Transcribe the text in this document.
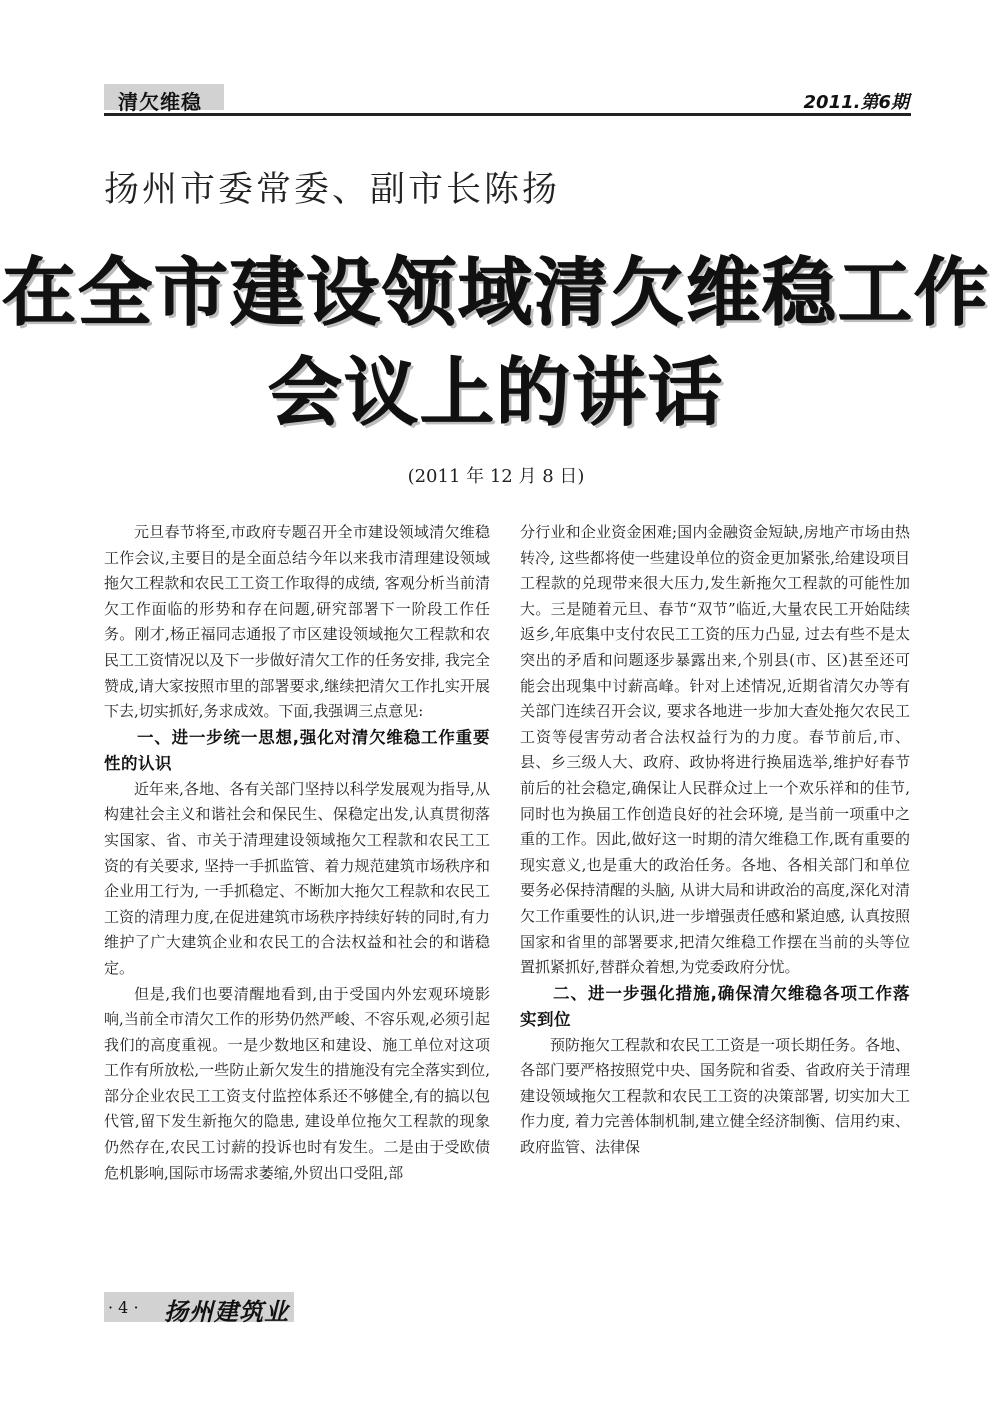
清欠维稳	2011.第6期
扬州市委常委、副市长陈扬
在全市建设领域清欠维稳工作
会议上的讲话
(2011 年 12 月 8 日)

元旦春节将至,市政府专题召开全市建设领域清欠维稳工作会议,主要目的是全面总结今年以来我市清理建设领域拖欠工程款和农民工工资工作取得的成绩, 客观分析当前清欠工作面临的形势和存在问题,研究部署下一阶段工作任务。刚才,杨正福同志通报了市区建设领域拖欠工程款和农民工工资情况以及下一步做好清欠工作的任务安排, 我完全赞成,请大家按照市里的部署要求,继续把清欠工作扎实开展下去,切实抓好,务求成效。下面,我强调三点意见:

一、进一步统一思想,强化对清欠维稳工作重要性的认识

近年来,各地、各有关部门坚持以科学发展观为指导,从构建社会主义和谐社会和保民生、保稳定出发,认真贯彻落实国家、省、市关于清理建设领域拖欠工程款和农民工工资的有关要求, 坚持一手抓监管、着力规范建筑市场秩序和企业用工行为, 一手抓稳定、不断加大拖欠工程款和农民工工资的清理力度,在促进建筑市场秩序持续好转的同时,有力维护了广大建筑企业和农民工的合法权益和社会的和谐稳定。

但是,我们也要清醒地看到,由于受国内外宏观环境影响,当前全市清欠工作的形势仍然严峻、不容乐观,必须引起我们的高度重视。一是少数地区和建设、施工单位对这项工作有所放松,一些防止新欠发生的措施没有完全落实到位, 部分企业农民工工资支付监控体系还不够健全,有的搞以包代管,留下发生新拖欠的隐患, 建设单位拖欠工程款的现象仍然存在,农民工讨薪的投诉也时有发生。二是由于受欧债危机影响,国际市场需求萎缩,外贸出口受阻,部

分行业和企业资金困难;国内金融资金短缺,房地产市场由热转冷, 这些都将使一些建设单位的资金更加紧张,给建设项目工程款的兑现带来很大压力,发生新拖欠工程款的可能性加大。三是随着元旦、春节“双节”临近,大量农民工开始陆续返乡,年底集中支付农民工工资的压力凸显, 过去有些不是太突出的矛盾和问题逐步暴露出来,个别县(市、区)甚至还可能会出现集中讨薪高峰。针对上述情况,近期省清欠办等有关部门连续召开会议, 要求各地进一步加大查处拖欠农民工工资等侵害劳动者合法权益行为的力度。春节前后,市、县、乡三级人大、政府、政协将进行换届选举,维护好春节前后的社会稳定,确保让人民群众过上一个欢乐祥和的佳节, 同时也为换届工作创造良好的社会环境, 是当前一项重中之重的工作。因此,做好这一时期的清欠维稳工作,既有重要的现实意义,也是重大的政治任务。各地、各相关部门和单位要务必保持清醒的头脑, 从讲大局和讲政治的高度,深化对清欠工作重要性的认识,进一步增强责任感和紧迫感, 认真按照国家和省里的部署要求,把清欠维稳工作摆在当前的头等位置抓紧抓好,替群众着想,为党委政府分忧。

二、进一步强化措施,确保清欠维稳各项工作落实到位

预防拖欠工程款和农民工工资是一项长期任务。各地、各部门要严格按照党中央、国务院和省委、省政府关于清理建设领域拖欠工程款和农民工工资的决策部署, 切实加大工作力度, 着力完善体制机制,建立健全经济制衡、信用约束、政府监管、法律保

· 4 · 扬州建筑业
